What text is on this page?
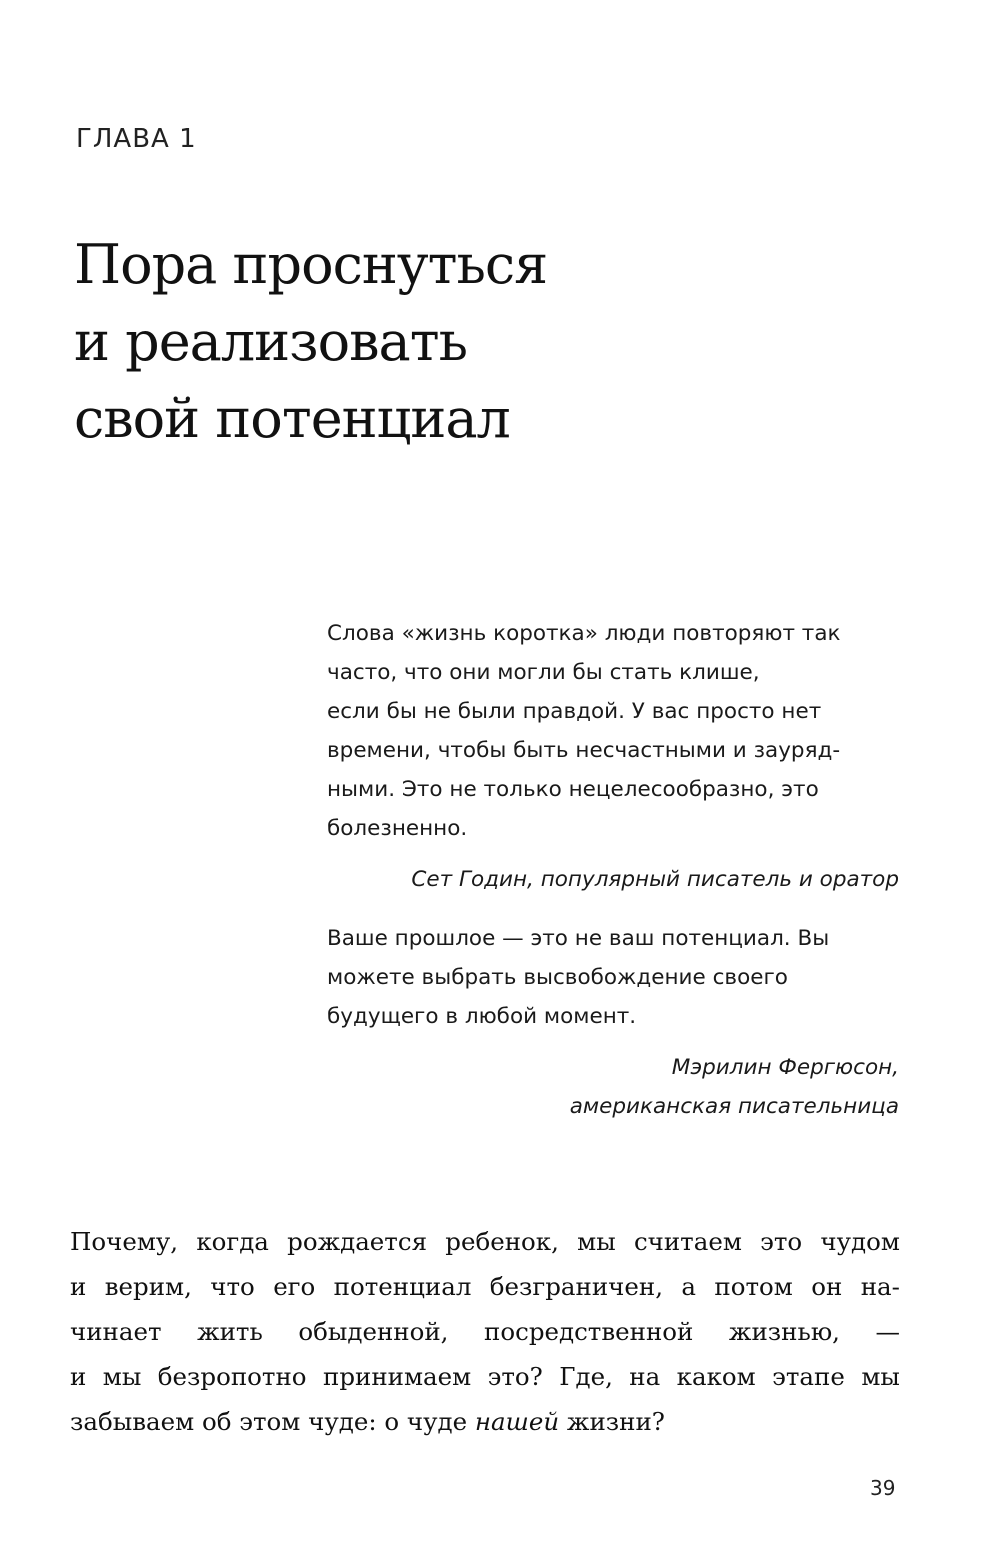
ГЛАВА 1

Пора проснуться
и реализовать
свой потенциал

Слова «жизнь коротка» люди повторяют так
часто, что они могли бы стать клише,
если бы не были правдой. У вас просто нет
времени, чтобы быть несчастными и зауряд-
ными. Это не только нецелесообразно, это
болезненно.

Сет Годин, популярный писатель и оратор

Ваше прошлое — это не ваш потенциал. Вы
можете выбрать высвобождение своего
будущего в любой момент.

Мэрилин Фергюсон,
американская писательница

Почему, когда рождается ребенок, мы считаем это чудом
и верим, что его потенциал безграничен, а потом он на-
чинает жить обыденной, посредственной жизнью, —
и мы безропотно принимаем это? Где, на каком этапе мы
забываем об этом чуде: о чуде нашей жизни?

39
